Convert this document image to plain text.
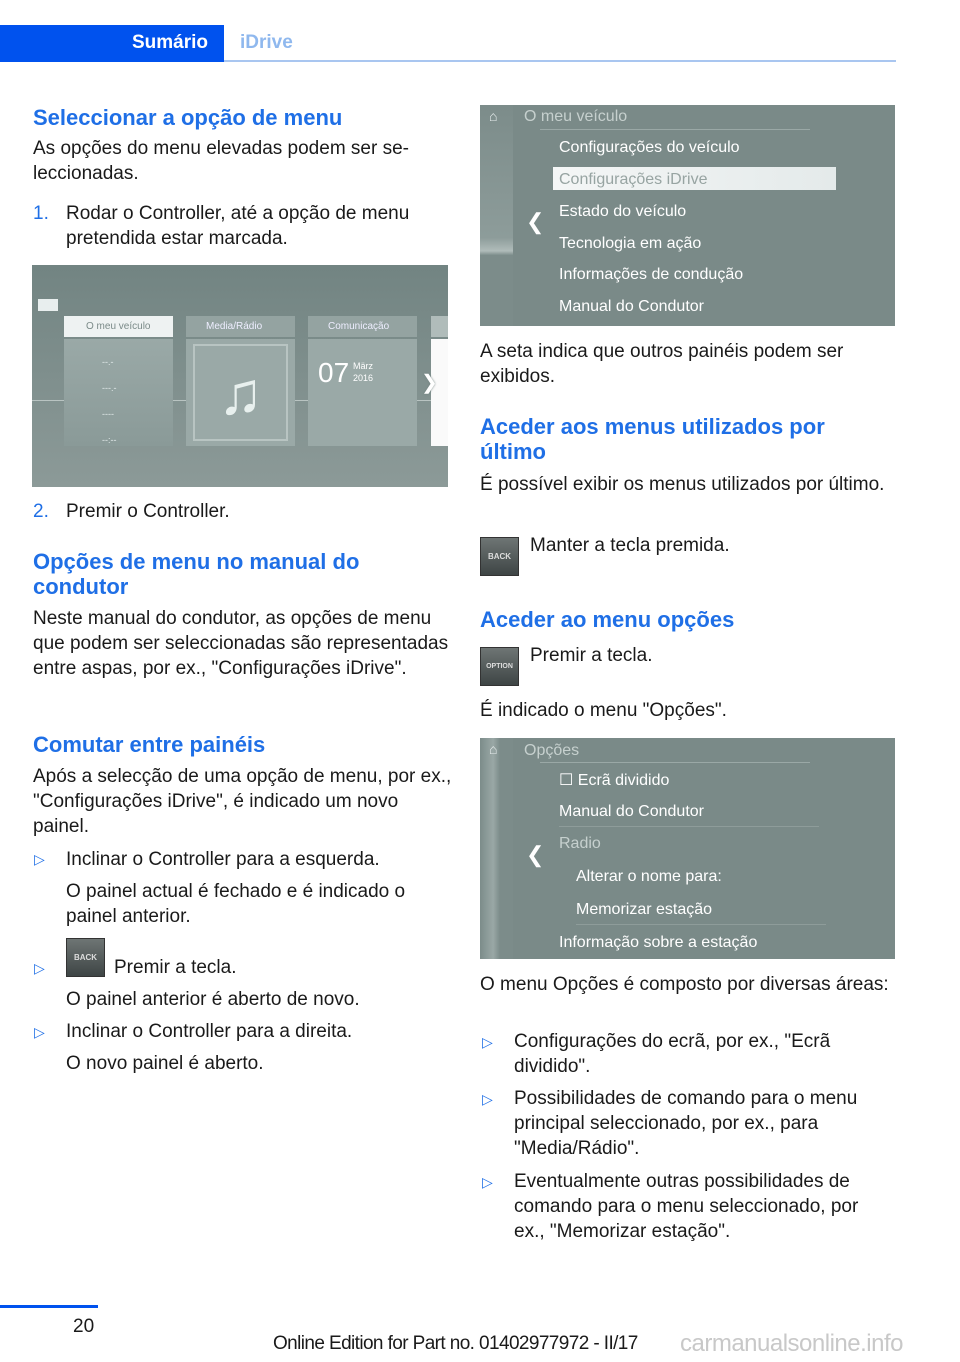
Sumário	iDrive
Seleccionar a opção de menu
As opções do menu elevadas podem ser seleccionadas.
1. Rodar o Controller, até a opção de menu pretendida estar marcada.
O meu veículo
--.-
---.-
----
--:--
Media/Rádio
♫
Comunicação
07 März
2016 ❯
2. Premir o Controller.
Opções de menu no manual do condutor
Neste manual do condutor, as opções de menu que podem ser seleccionadas são representadas entre aspas, por ex., "Configurações iDrive".
Comutar entre painéis
Após a selecção de uma opção de menu, por ex., "Configurações iDrive", é indicado um novo painel.
▷ Inclinar o Controller para a esquerda.
O painel actual é fechado e é indicado o painel anterior.
▷
BACK Premir a tecla.
O painel anterior é aberto de novo.
▷ Inclinar o Controller para a direita.
O novo painel é aberto.
⌂ O meu veículo
Configurações do veículo
Configurações iDrive
Estado do veículo
Tecnologia em ação
Informações de condução
Manual do Condutor
❮
A seta indica que outros painéis podem ser exibidos.
Aceder aos menus utilizados por último
É possível exibir os menus utilizados por último.
BACK
Manter a tecla premida.
Aceder ao menu opções
OPTION
Premir a tecla.
É indicado o menu "Opções".
⌂ Opções
☐ Ecrã dividido
Manual do Condutor
Radio
Alterar o nome para:
Memorizar estação
Informação sobre a estação
❮
O menu Opções é composto por diversas áreas:
▷ Configurações do ecrã, por ex., "Ecrã dividido".
▷ Possibilidades de comando para o menu principal seleccionado, por ex., para "Media/Rádio".
▷ Eventualmente outras possibilidades de comando para o menu seleccionado, por ex., "Memorizar estação".
20
Online Edition for Part no. 01402977972 - II/17 carmanualsonline.info
